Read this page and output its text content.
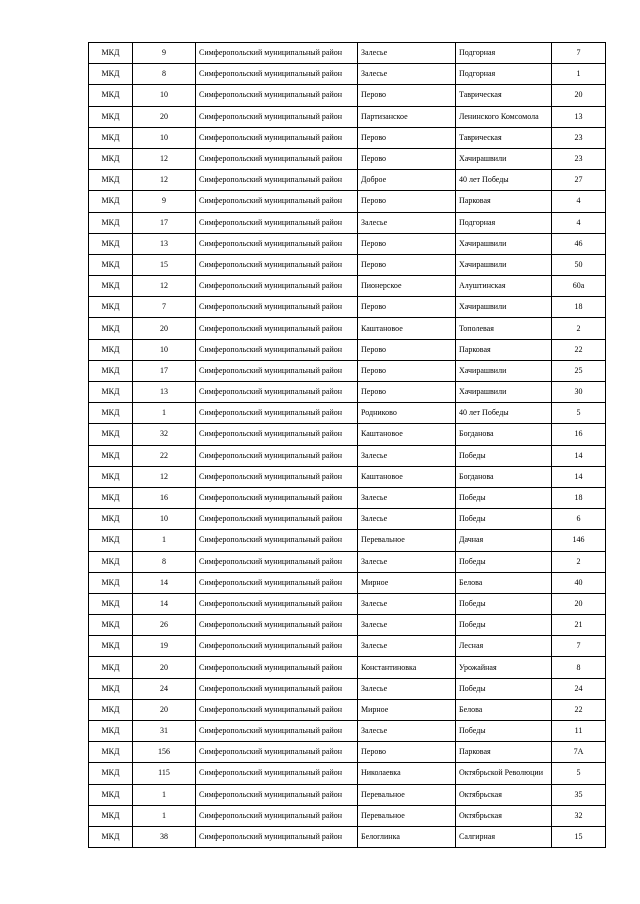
МКД	9	Симферопольский муниципальный район	Залесье	Подгорная	7
МКД	8	Симферопольский муниципальный район	Залесье	Подгорная	1
МКД	10	Симферопольский муниципальный район	Перово	Таврическая	20
МКД	20	Симферопольский муниципальный район	Партизанское	Ленинского Комсомола	13
МКД	10	Симферопольский муниципальный район	Перово	Таврическая	23
МКД	12	Симферопольский муниципальный район	Перово	Хачирашвили	23
МКД	12	Симферопольский муниципальный район	Доброе	40 лет Победы	27
МКД	9	Симферопольский муниципальный район	Перово	Парковая	4
МКД	17	Симферопольский муниципальный район	Залесье	Подгорная	4
МКД	13	Симферопольский муниципальный район	Перово	Хачирашвили	46
МКД	15	Симферопольский муниципальный район	Перово	Хачирашвили	50
МКД	12	Симферопольский муниципальный район	Пионерское	Алуштинская	60а
МКД	7	Симферопольский муниципальный район	Перово	Хачирашвили	18
МКД	20	Симферопольский муниципальный район	Каштановое	Тополевая	2
МКД	10	Симферопольский муниципальный район	Перово	Парковая	22
МКД	17	Симферопольский муниципальный район	Перово	Хачирашвили	25
МКД	13	Симферопольский муниципальный район	Перово	Хачирашвили	30
МКД	1	Симферопольский муниципальный район	Родниково	40 лет Победы	5
МКД	32	Симферопольский муниципальный район	Каштановое	Богданова	16
МКД	22	Симферопольский муниципальный район	Залесье	Победы	14
МКД	12	Симферопольский муниципальный район	Каштановое	Богданова	14
МКД	16	Симферопольский муниципальный район	Залесье	Победы	18
МКД	10	Симферопольский муниципальный район	Залесье	Победы	6
МКД	1	Симферопольский муниципальный район	Перевальное	Дачная	146
МКД	8	Симферопольский муниципальный район	Залесье	Победы	2
МКД	14	Симферопольский муниципальный район	Мирное	Белова	40
МКД	14	Симферопольский муниципальный район	Залесье	Победы	20
МКД	26	Симферопольский муниципальный район	Залесье	Победы	21
МКД	19	Симферопольский муниципальный район	Залесье	Лесная	7
МКД	20	Симферопольский муниципальный район	Константиновка	Урожайная	8
МКД	24	Симферопольский муниципальный район	Залесье	Победы	24
МКД	20	Симферопольский муниципальный район	Мирное	Белова	22
МКД	31	Симферопольский муниципальный район	Залесье	Победы	11
МКД	156	Симферопольский муниципальный район	Перово	Парковая	7А
МКД	115	Симферопольский муниципальный район	Николаевка	Октябрьской Революции	5
МКД	1	Симферопольский муниципальный район	Перевальное	Октябрьская	35
МКД	1	Симферопольский муниципальный район	Перевальное	Октябрьская	32
МКД	38	Симферопольский муниципальный район	Белоглинка	Салгирная	15
